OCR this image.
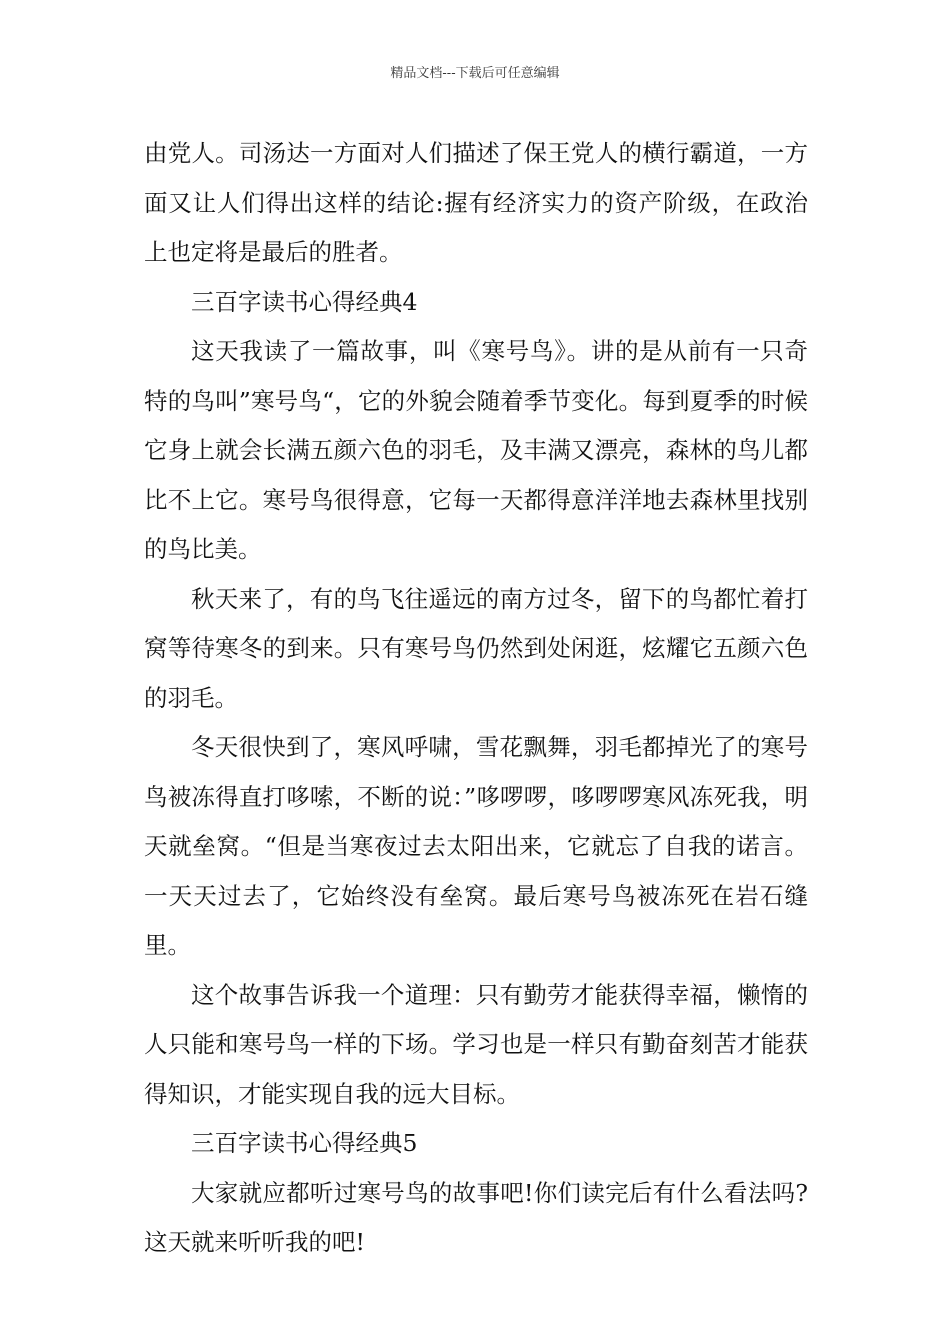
精品文档---下载后可任意编辑

由党人。司汤达一方面对人们描述了保王党人的横行霸道，一方面又让人们得出这样的结论:握有经济实力的资产阶级，在政治上也定将是最后的胜者。

三百字读书心得经典4

这天我读了一篇故事，叫《寒号鸟》。讲的是从前有一只奇特的鸟叫”寒号鸟“，它的外貌会随着季节变化。每到夏季的时候它身上就会长满五颜六色的羽毛，及丰满又漂亮，森林的鸟儿都比不上它。寒号鸟很得意，它每一天都得意洋洋地去森林里找别的鸟比美。

秋天来了，有的鸟飞往遥远的南方过冬，留下的鸟都忙着打窝等待寒冬的到来。只有寒号鸟仍然到处闲逛，炫耀它五颜六色的羽毛。

冬天很快到了，寒风呼啸，雪花飘舞，羽毛都掉光了的寒号鸟被冻得直打哆嗦，不断的说：”哆啰啰，哆啰啰寒风冻死我，明天就垒窝。“但是当寒夜过去太阳出来，它就忘了自我的诺言。一天天过去了，它始终没有垒窝。最后寒号鸟被冻死在岩石缝里。

这个故事告诉我一个道理：只有勤劳才能获得幸福，懒惰的人只能和寒号鸟一样的下场。学习也是一样只有勤奋刻苦才能获得知识，才能实现自我的远大目标。

三百字读书心得经典5

大家就应都听过寒号鸟的故事吧!你们读完后有什么看法吗?这天就来听听我的吧!
